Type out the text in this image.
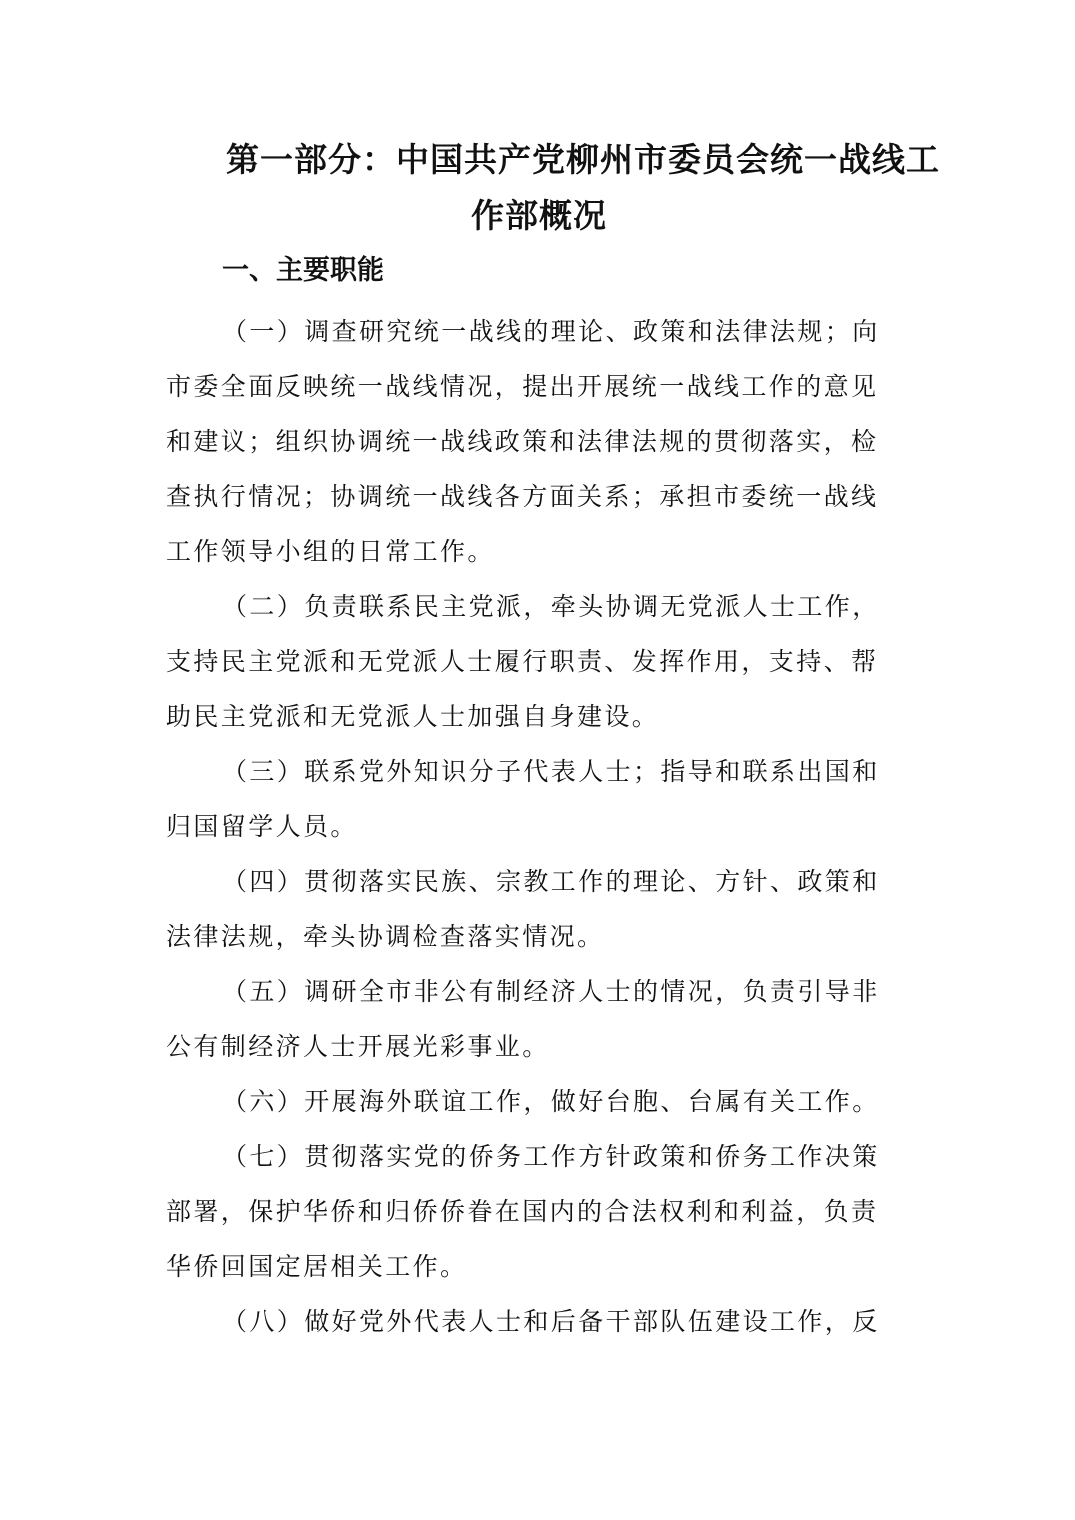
第一部分：中国共产党柳州市委员会统一战线工
作部概况
一、主要职能
（一）调查研究统一战线的理论、政策和法律法规；向
市委全面反映统一战线情况，提出开展统一战线工作的意见
和建议；组织协调统一战线政策和法律法规的贯彻落实，检
查执行情况；协调统一战线各方面关系；承担市委统一战线
工作领导小组的日常工作。
（二）负责联系民主党派，牵头协调无党派人士工作，
支持民主党派和无党派人士履行职责、发挥作用，支持、帮
助民主党派和无党派人士加强自身建设。
（三）联系党外知识分子代表人士；指导和联系出国和
归国留学人员。
（四）贯彻落实民族、宗教工作的理论、方针、政策和
法律法规，牵头协调检查落实情况。
（五）调研全市非公有制经济人士的情况，负责引导非
公有制经济人士开展光彩事业。
（六）开展海外联谊工作，做好台胞、台属有关工作。
（七）贯彻落实党的侨务工作方针政策和侨务工作决策
部署，保护华侨和归侨侨眷在国内的合法权利和利益，负责
华侨回国定居相关工作。
（八）做好党外代表人士和后备干部队伍建设工作，反
